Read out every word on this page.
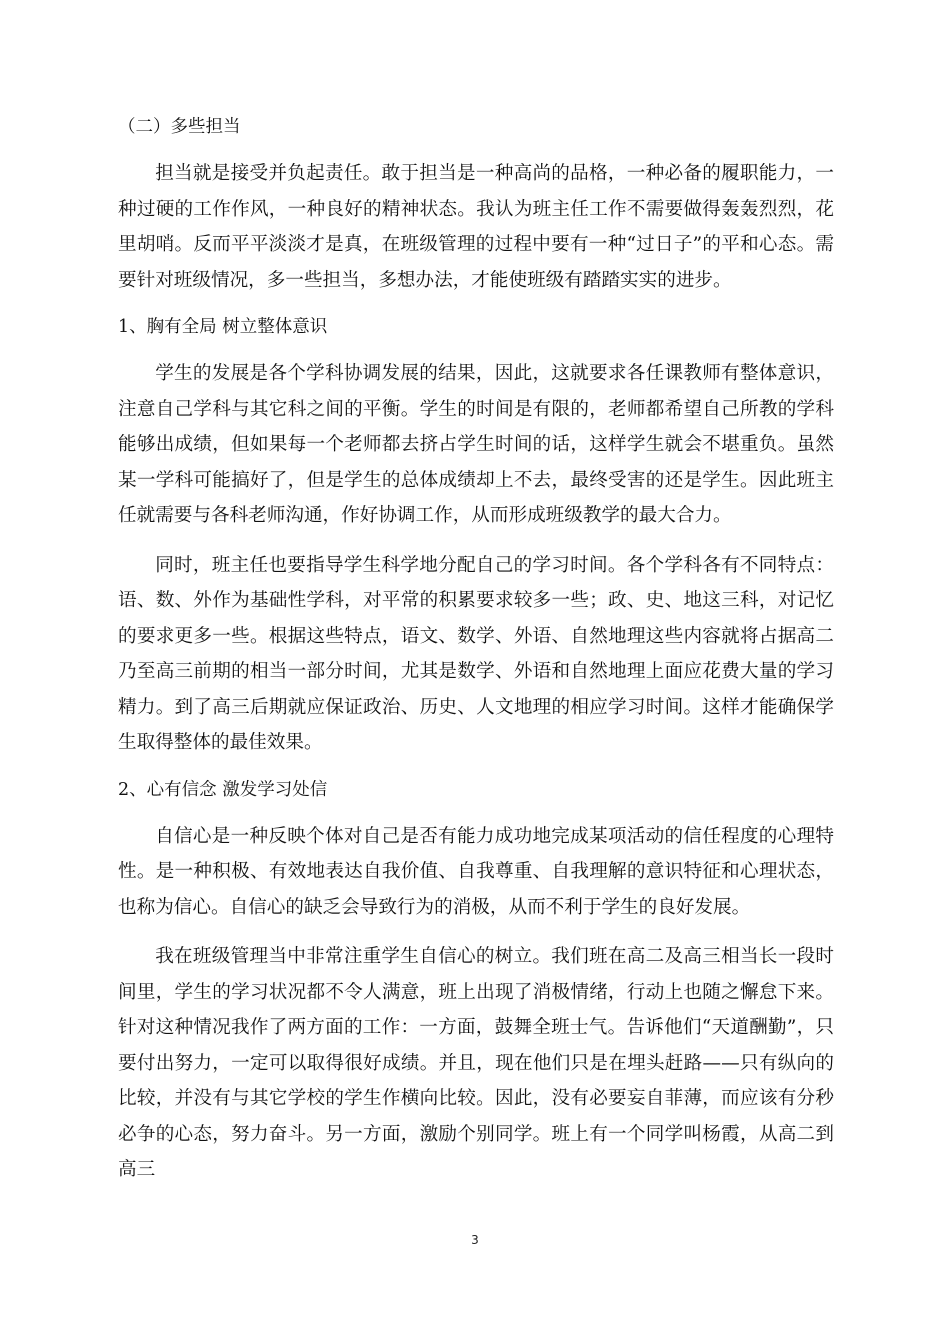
（二）多些担当

担当就是接受并负起责任。敢于担当是一种高尚的品格，一种必备的履职能力，一种过硬的工作作风，一种良好的精神状态。我认为班主任工作不需要做得轰轰烈烈，花里胡哨。反而平平淡淡才是真，在班级管理的过程中要有一种“过日子”的平和心态。需要针对班级情况，多一些担当，多想办法，才能使班级有踏踏实实的进步。

1、胸有全局 树立整体意识

学生的发展是各个学科协调发展的结果，因此，这就要求各任课教师有整体意识，注意自己学科与其它科之间的平衡。学生的时间是有限的，老师都希望自己所教的学科能够出成绩，但如果每一个老师都去挤占学生时间的话，这样学生就会不堪重负。虽然某一学科可能搞好了，但是学生的总体成绩却上不去，最终受害的还是学生。因此班主任就需要与各科老师沟通，作好协调工作，从而形成班级教学的最大合力。

同时，班主任也要指导学生科学地分配自己的学习时间。各个学科各有不同特点：语、数、外作为基础性学科，对平常的积累要求较多一些；政、史、地这三科，对记忆的要求更多一些。根据这些特点，语文、数学、外语、自然地理这些内容就将占据高二乃至高三前期的相当一部分时间，尤其是数学、外语和自然地理上面应花费大量的学习精力。到了高三后期就应保证政治、历史、人文地理的相应学习时间。这样才能确保学生取得整体的最佳效果。

2、心有信念 激发学习处信

自信心是一种反映个体对自己是否有能力成功地完成某项活动的信任程度的心理特性。是一种积极、有效地表达自我价值、自我尊重、自我理解的意识特征和心理状态，也称为信心。自信心的缺乏会导致行为的消极，从而不利于学生的良好发展。

我在班级管理当中非常注重学生自信心的树立。我们班在高二及高三相当长一段时间里，学生的学习状况都不令人满意，班上出现了消极情绪，行动上也随之懈怠下来。针对这种情况我作了两方面的工作：一方面，鼓舞全班士气。告诉他们“天道酬勤”，只要付出努力，一定可以取得很好成绩。并且，现在他们只是在埋头赶路——只有纵向的比较，并没有与其它学校的学生作横向比较。因此，没有必要妄自菲薄，而应该有分秒必争的心态，努力奋斗。另一方面，激励个别同学。班上有一个同学叫杨霞，从高二到高三

3
